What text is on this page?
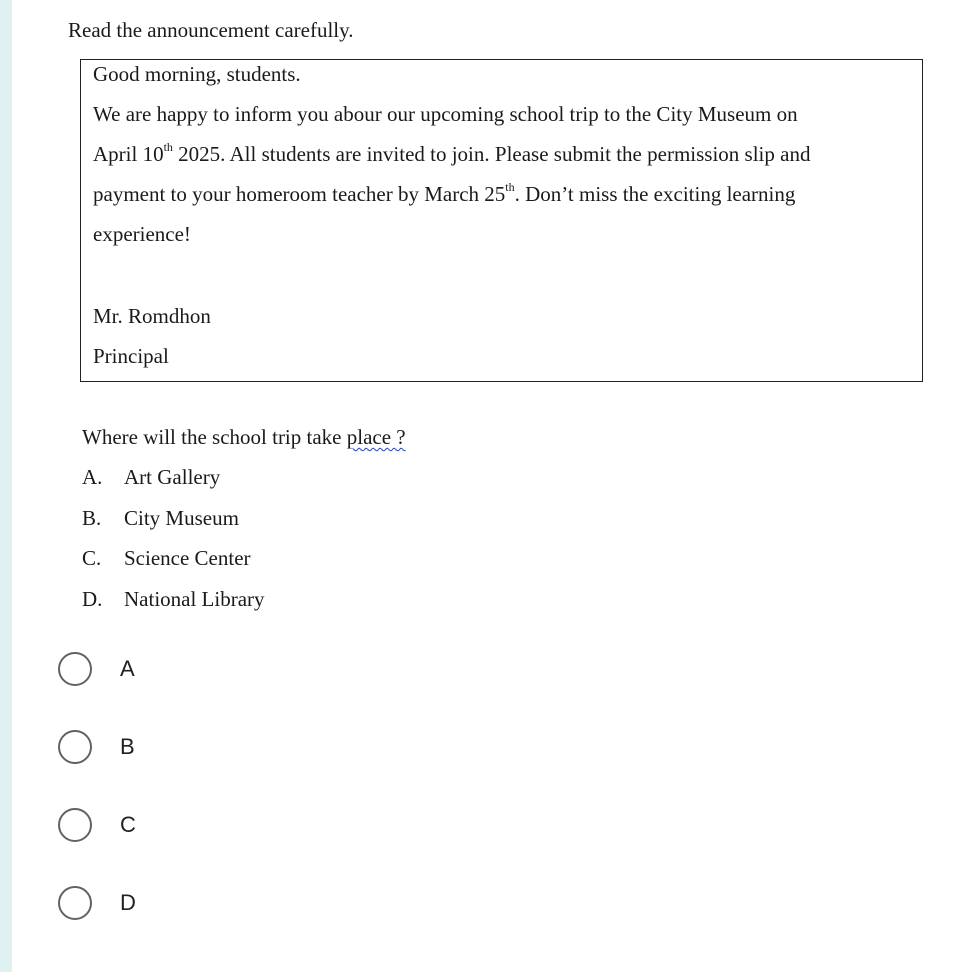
Read the announcement carefully.
Good morning, students.
We are happy to inform you abour our upcoming school trip to the City Museum on
April 10th 2025. All students are invited to join. Please submit the permission slip and
payment to your homeroom teacher by March 25th. Don’t miss the exciting learning
experience!
Mr. Romdhon
Principal
Where will the school trip take place ?
A. Art Gallery
B. City Museum
C. Science Center
D. National Library
A
B
C
D
